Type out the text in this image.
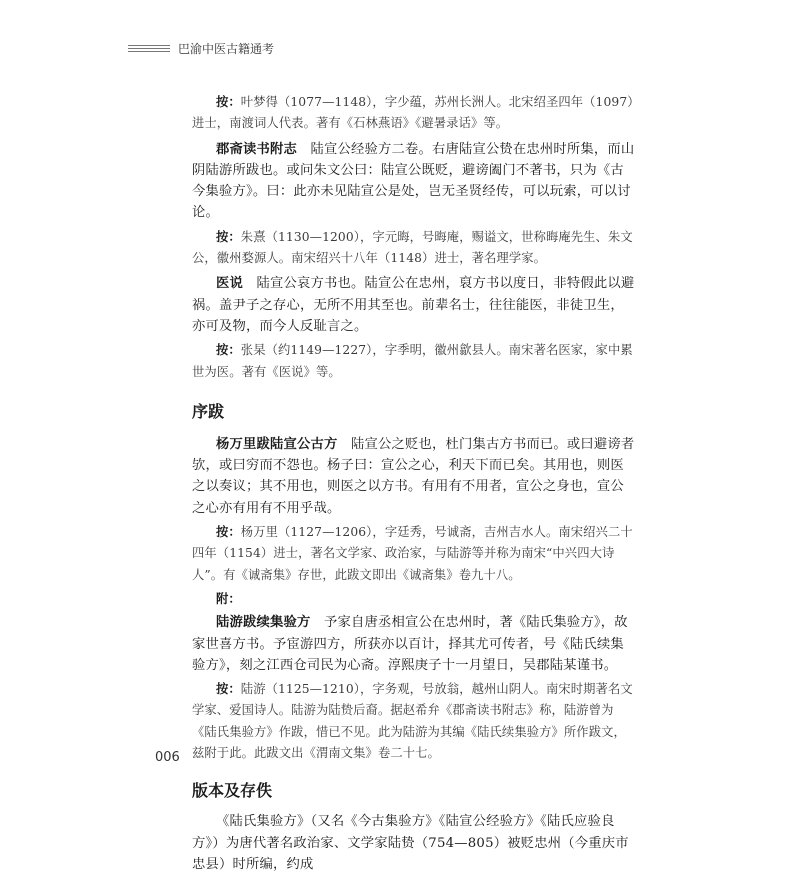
巴渝中医古籍通考

按：叶梦得（1077—1148），字少蕴，苏州长洲人。北宋绍圣四年（1097）进士，南渡词人代表。著有《石林燕语》《避暑录话》等。

郡斋读书附志　陆宣公经验方二卷。右唐陆宣公贽在忠州时所集，而山阴陆游所跋也。或问朱文公曰：陆宣公既贬，避谤阖门不著书，只为《古今集验方》。曰：此亦未见陆宣公是处，岂无圣贤经传，可以玩索，可以讨论。

按：朱熹（1130—1200），字元晦，号晦庵，赐谥文，世称晦庵先生、朱文公，徽州婺源人。南宋绍兴十八年（1148）进士，著名理学家。

医说　陆宣公哀方书也。陆宣公在忠州，裒方书以度日，非特假此以避祸。盖尹子之存心，无所不用其至也。前辈名士，往往能医，非徒卫生，亦可及物，而今人反耻言之。

按：张杲（约1149—1227），字季明，徽州歙县人。南宋著名医家，家中累世为医。著有《医说》等。

序跋

杨万里跋陆宣公古方　陆宣公之贬也，杜门集古方书而已。或曰避谤者欤，或曰穷而不怨也。杨子曰：宣公之心，利天下而已矣。其用也，则医之以奏议；其不用也，则医之以方书。有用有不用者，宣公之身也，宣公之心亦有用有不用乎哉。

按：杨万里（1127—1206），字廷秀，号诚斋，吉州吉水人。南宋绍兴二十四年（1154）进士，著名文学家、政治家，与陆游等并称为南宋“中兴四大诗人”。有《诚斋集》存世，此跋文即出《诚斋集》卷九十八。

附：

陆游跋续集验方　予家自唐丞相宣公在忠州时，著《陆氏集验方》，故家世喜方书。予宦游四方，所获亦以百计，择其尤可传者，号《陆氏续集验方》，刻之江西仓司民为心斋。淳熙庚子十一月望日，吴郡陆某谨书。

按：陆游（1125—1210），字务观，号放翁，越州山阴人。南宋时期著名文学家、爱国诗人。陆游为陆贽后裔。据赵希弁《郡斋读书附志》称，陆游曾为《陆氏集验方》作跋，惜已不见。此为陆游为其编《陆氏续集验方》所作跋文，兹附于此。此跋文出《渭南文集》卷二十七。

版本及存佚

《陆氏集验方》（又名《今古集验方》《陆宣公经验方》《陆氏应验良方》）为唐代著名政治家、文学家陆贽（754—805）被贬忠州（今重庆市忠县）时所编，约成

006
